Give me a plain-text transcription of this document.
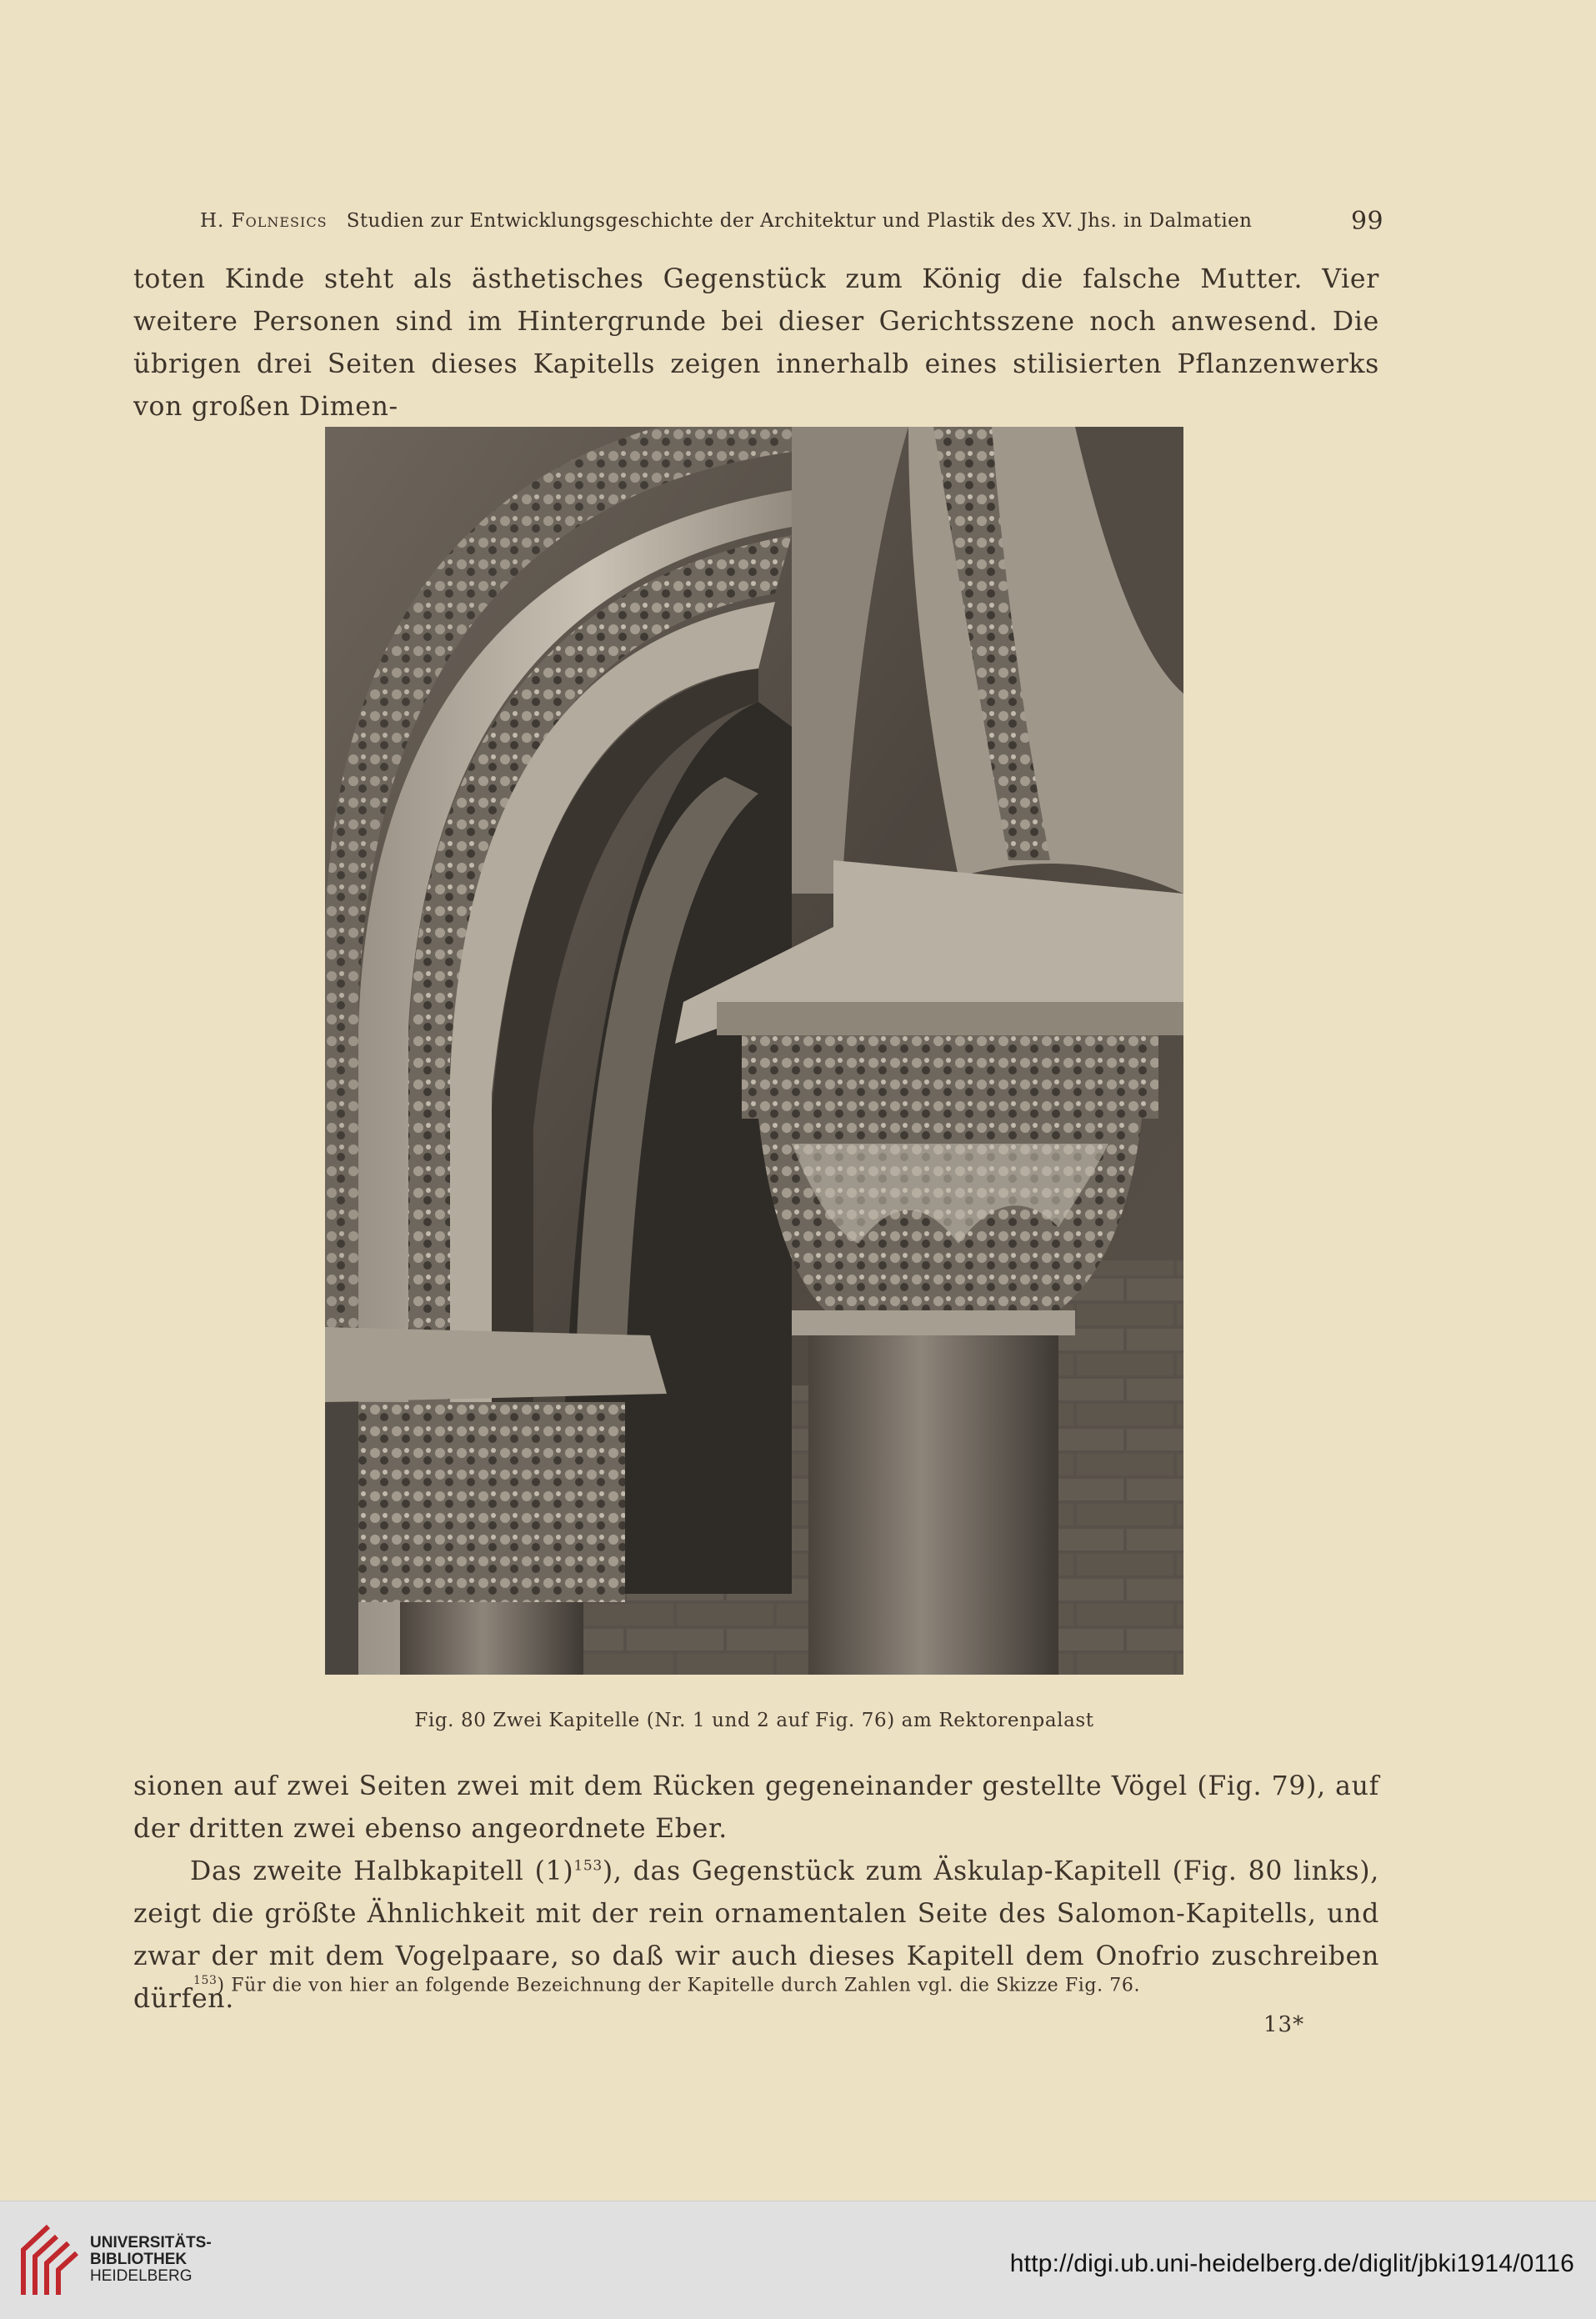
H. Folnesics Studien zur Entwicklungsgeschichte der Architektur und Plastik des XV. Jhs. in Dalmatien	99

toten Kinde steht als ästhetisches Gegenstück zum König die falsche Mutter. Vier weitere Personen sind im Hintergrunde bei dieser Gerichtsszene noch anwesend. Die übrigen drei Seiten dieses Kapitells zeigen innerhalb eines stilisierten Pflanzenwerks von großen Dimen-

Fig. 80 Zwei Kapitelle (Nr. 1 und 2 auf Fig. 76) am Rektorenpalast

sionen auf zwei Seiten zwei mit dem Rücken gegeneinander gestellte Vögel (Fig. 79), auf der dritten zwei ebenso angeordnete Eber.

Das zweite Halbkapitell $(1)^{153}$), das Gegenstück zum Äskulap-Kapitell (Fig. 80 links), zeigt die größte Ähnlichkeit mit der rein ornamentalen Seite des Salomon-Kapitells, und zwar der mit dem Vogelpaare, so daß wir auch dieses Kapitell dem Onofrio zuschreiben dürfen.

$^{153}$) Für die von hier an folgende Bezeichnung der Kapitelle durch Zahlen vgl. die Skizze Fig. 76.
13*
UNIVERSITÄTS-
BIBLIOTHEK
HEIDELBERG	http://digi.ub.uni-heidelberg.de/diglit/jbki1914/0116
